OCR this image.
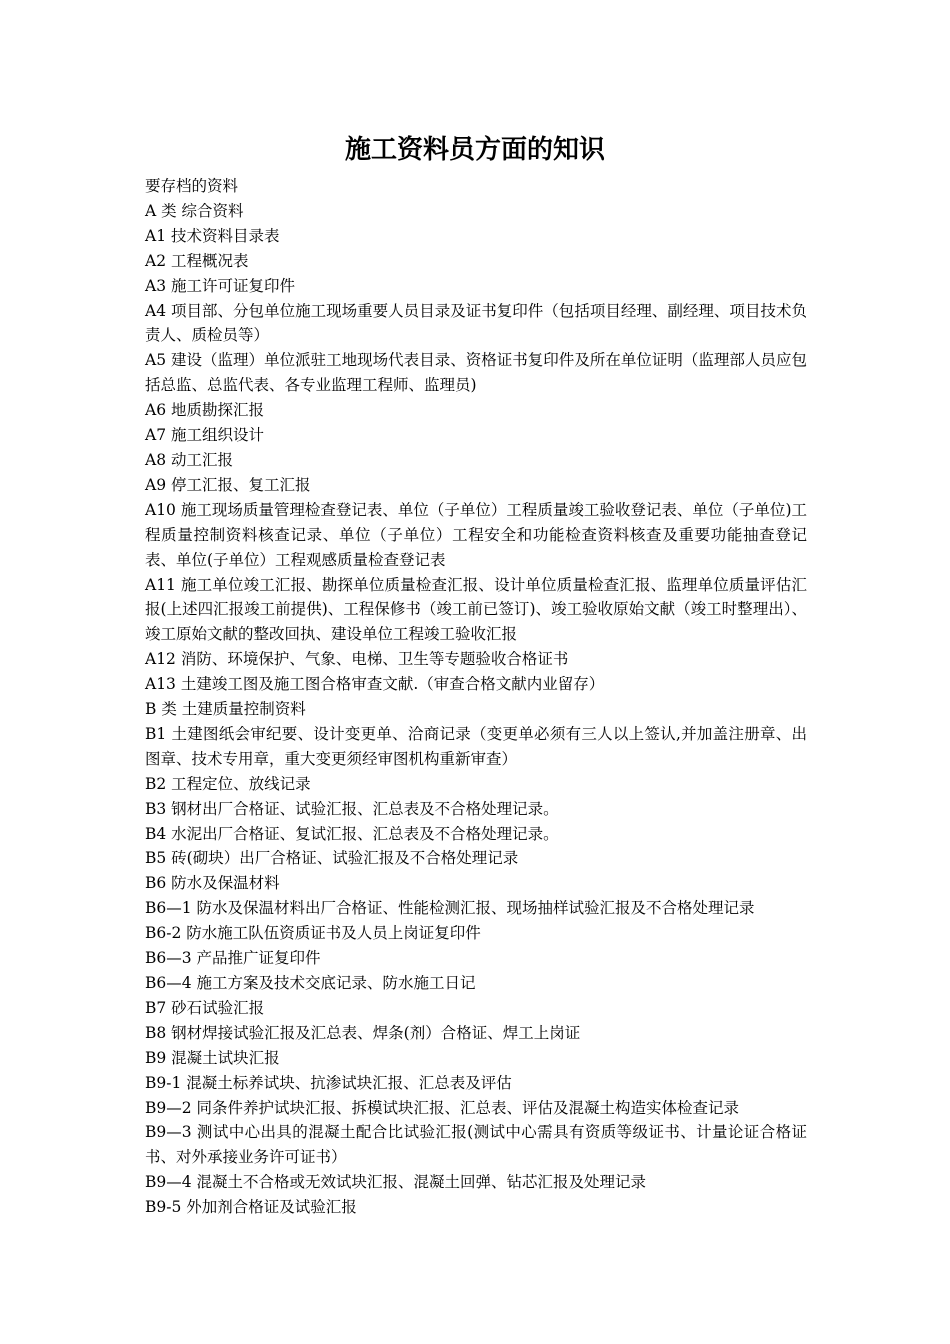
施工资料员方面的知识

要存档的资料

A 类 综合资料

A1 技术资料目录表

A2 工程概况表

A3 施工许可证复印件

A4 项目部、分包单位施工现场重要人员目录及证书复印件（包括项目经理、副经理、项目技术负责人、质检员等）

A5 建设（监理）单位派驻工地现场代表目录、资格证书复印件及所在单位证明（监理部人员应包括总监、总监代表、各专业监理工程师、监理员)

A6 地质勘探汇报

A7 施工组织设计

A8 动工汇报

A9 停工汇报、复工汇报

A10 施工现场质量管理检查登记表、单位（子单位）工程质量竣工验收登记表、单位（子单位)工程质量控制资料核查记录、单位（子单位）工程安全和功能检查资料核查及重要功能抽查登记表、单位(子单位）工程观感质量检查登记表

A11 施工单位竣工汇报、勘探单位质量检查汇报、设计单位质量检查汇报、监理单位质量评估汇报(上述四汇报竣工前提供)、工程保修书（竣工前已签订)、竣工验收原始文献（竣工时整理出）、竣工原始文献的整改回执、建设单位工程竣工验收汇报

A12 消防、环境保护、气象、电梯、卫生等专题验收合格证书

A13 土建竣工图及施工图合格审查文献.（审查合格文献内业留存）

B 类 土建质量控制资料

B1 土建图纸会审纪要、设计变更单、洽商记录（变更单必须有三人以上签认,并加盖注册章、出图章、技术专用章，重大变更须经审图机构重新审查）

B2 工程定位、放线记录

B3 钢材出厂合格证、试验汇报、汇总表及不合格处理记录。

B4 水泥出厂合格证、复试汇报、汇总表及不合格处理记录。

B5 砖(砌块）出厂合格证、试验汇报及不合格处理记录

B6 防水及保温材料

B6—1 防水及保温材料出厂合格证、性能检测汇报、现场抽样试验汇报及不合格处理记录

B6-2 防水施工队伍资质证书及人员上岗证复印件

B6—3 产品推广证复印件

B6—4 施工方案及技术交底记录、防水施工日记

B7 砂石试验汇报

B8 钢材焊接试验汇报及汇总表、焊条(剂）合格证、焊工上岗证

B9 混凝土试块汇报

B9-1 混凝土标养试块、抗渗试块汇报、汇总表及评估

B9—2 同条件养护试块汇报、拆模试块汇报、汇总表、评估及混凝土构造实体检查记录

B9—3 测试中心出具的混凝土配合比试验汇报(测试中心需具有资质等级证书、计量论证合格证书、对外承接业务许可证书）

B9—4 混凝土不合格或无效试块汇报、混凝土回弹、钻芯汇报及处理记录

B9-5 外加剂合格证及试验汇报
